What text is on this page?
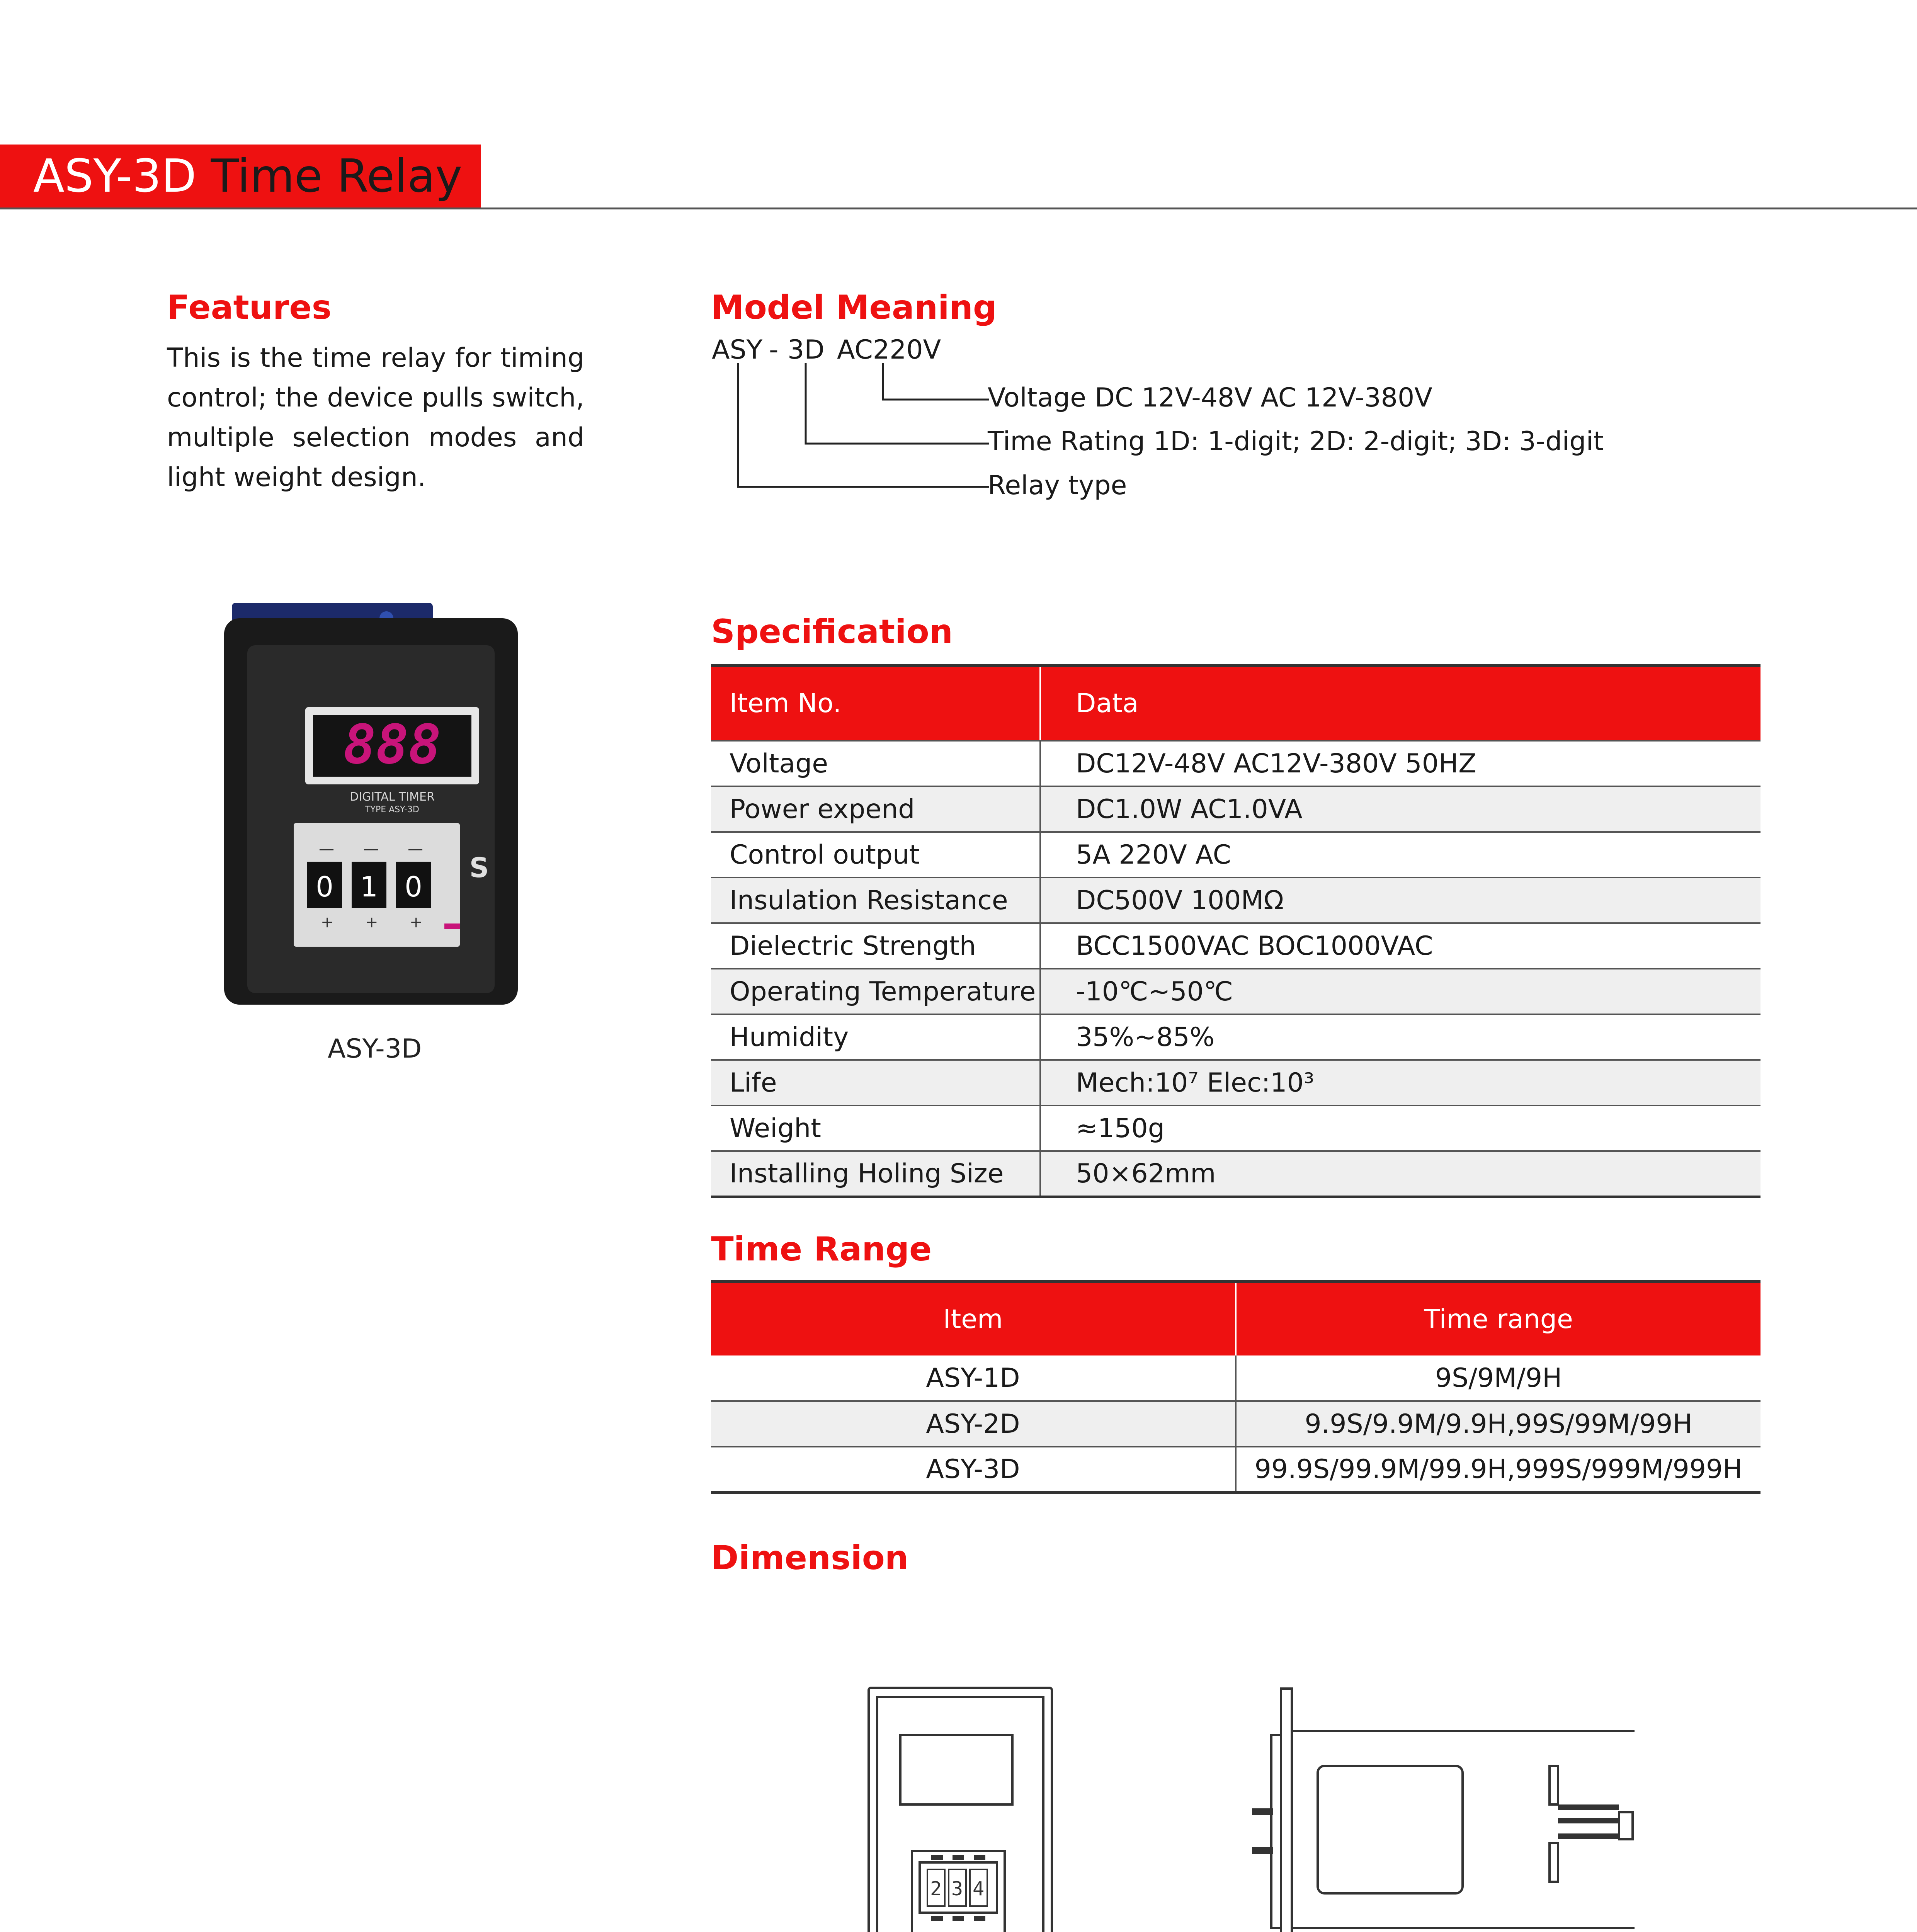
ASY-3D Time Relay
Features
This is the time relay for timing control; the device pulls switch, multiple selection modes and light weight design.
888
DIGITAL TIMER
TYPE ASY-3D
0 1 0
S
— — —
+ + +
ASY-3D
Model Meaning
ASY - 3D AC220V
Voltage DC 12V-48V AC 12V-380V
Time Rating 1D: 1-digit; 2D: 2-digit; 3D: 3-digit
Relay type
Specification
Item No.	Data
Voltage	DC12V-48V AC12V-380V 50HZ
Power expend	DC1.0W AC1.0VA
Control output	5A 220V AC
Insulation Resistance	DC500V 100MΩ
Dielectric Strength	BCC1500VAC BOC1000VAC
Operating Temperature	-10℃~50℃
Humidity	35%~85%
Life	Mech:10⁷ Elec:10³
Weight	≈150g
Installing Holing Size	50×62mm
Time Range
Item	Time range
ASY-1D	9S/9M/9H
ASY-2D	9.9S/9.9M/9.9H,99S/99M/99H
ASY-3D	99.9S/99.9M/99.9H,999S/999M/999H
Dimension
2 3 4
